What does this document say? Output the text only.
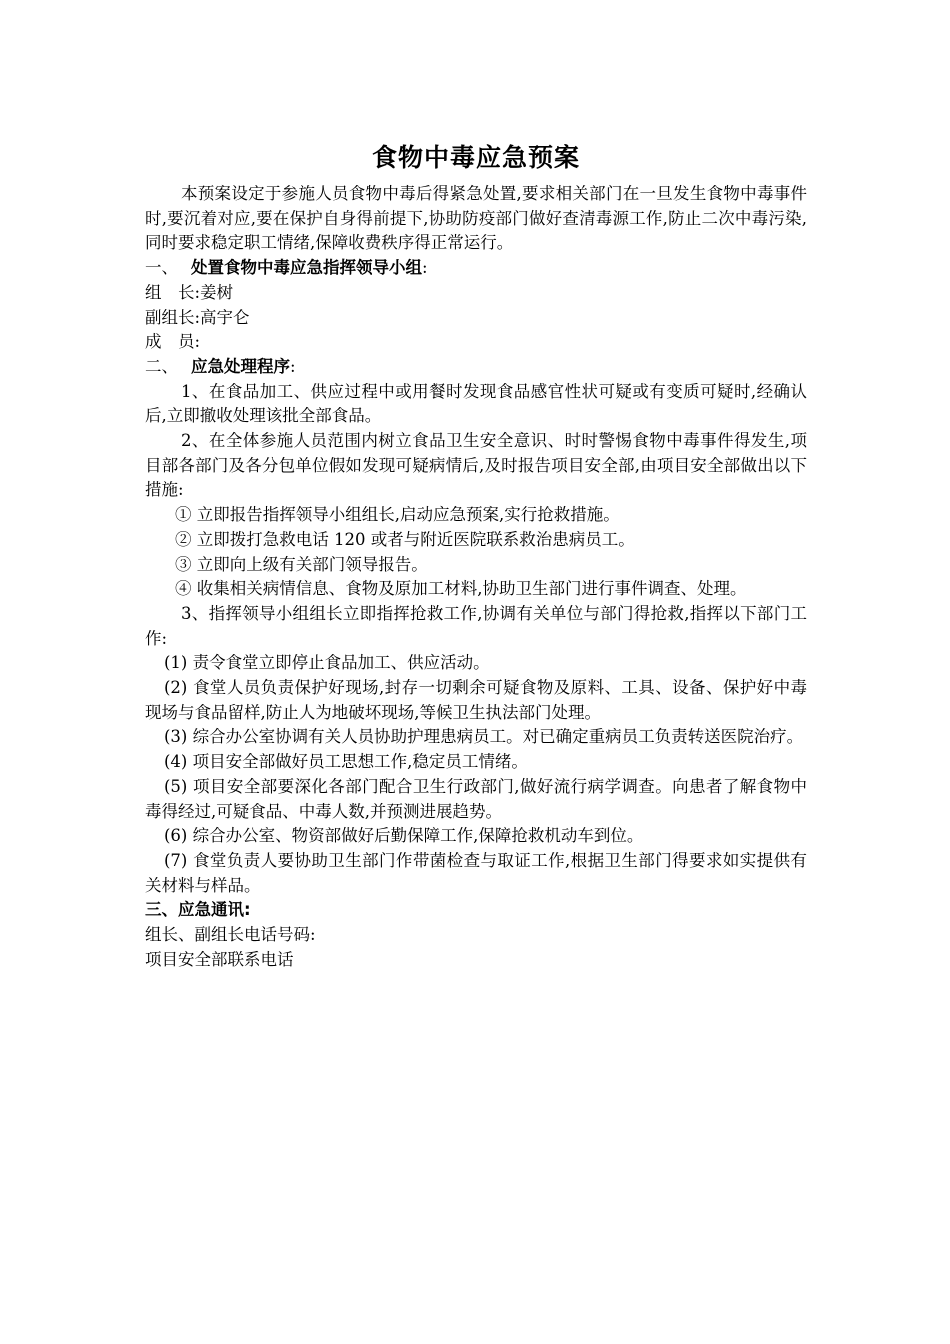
食物中毒应急预案

本预案设定于参施人员食物中毒后得紧急处置,要求相关部门在一旦发生食物中毒事件时,要沉着对应,要在保护自身得前提下,协助防疫部门做好查清毒源工作,防止二次中毒污染,同时要求稳定职工情绪,保障收费秩序得正常运行。

一、 处置食物中毒应急指挥领导小组:

组　长:姜树

副组长:高宇仑

成　员:

二、 应急处理程序:

1、在食品加工、供应过程中或用餐时发现食品感官性状可疑或有变质可疑时,经确认后,立即撤收处理该批全部食品。

2、在全体参施人员范围内树立食品卫生安全意识、时时警惕食物中毒事件得发生,项目部各部门及各分包单位假如发现可疑病情后,及时报告项目安全部,由项目安全部做出以下措施:

① 立即报告指挥领导小组组长,启动应急预案,实行抢救措施。

② 立即拨打急救电话 120 或者与附近医院联系救治患病员工。

③ 立即向上级有关部门领导报告。

④ 收集相关病情信息、食物及原加工材料,协助卫生部门进行事件调查、处理。

3、指挥领导小组组长立即指挥抢救工作,协调有关单位与部门得抢救,指挥以下部门工作:

(1) 责令食堂立即停止食品加工、供应活动。

(2) 食堂人员负责保护好现场,封存一切剩余可疑食物及原料、工具、设备、保护好中毒现场与食品留样,防止人为地破坏现场,等候卫生执法部门处理。

(3) 综合办公室协调有关人员协助护理患病员工。对已确定重病员工负责转送医院治疗。

(4) 项目安全部做好员工思想工作,稳定员工情绪。

(5) 项目安全部要深化各部门配合卫生行政部门,做好流行病学调查。向患者了解食物中毒得经过,可疑食品、中毒人数,并预测进展趋势。

(6) 综合办公室、物资部做好后勤保障工作,保障抢救机动车到位。

(7) 食堂负责人要协助卫生部门作带菌检查与取证工作,根据卫生部门得要求如实提供有关材料与样品。

三、应急通讯:

组长、副组长电话号码:

项目安全部联系电话
